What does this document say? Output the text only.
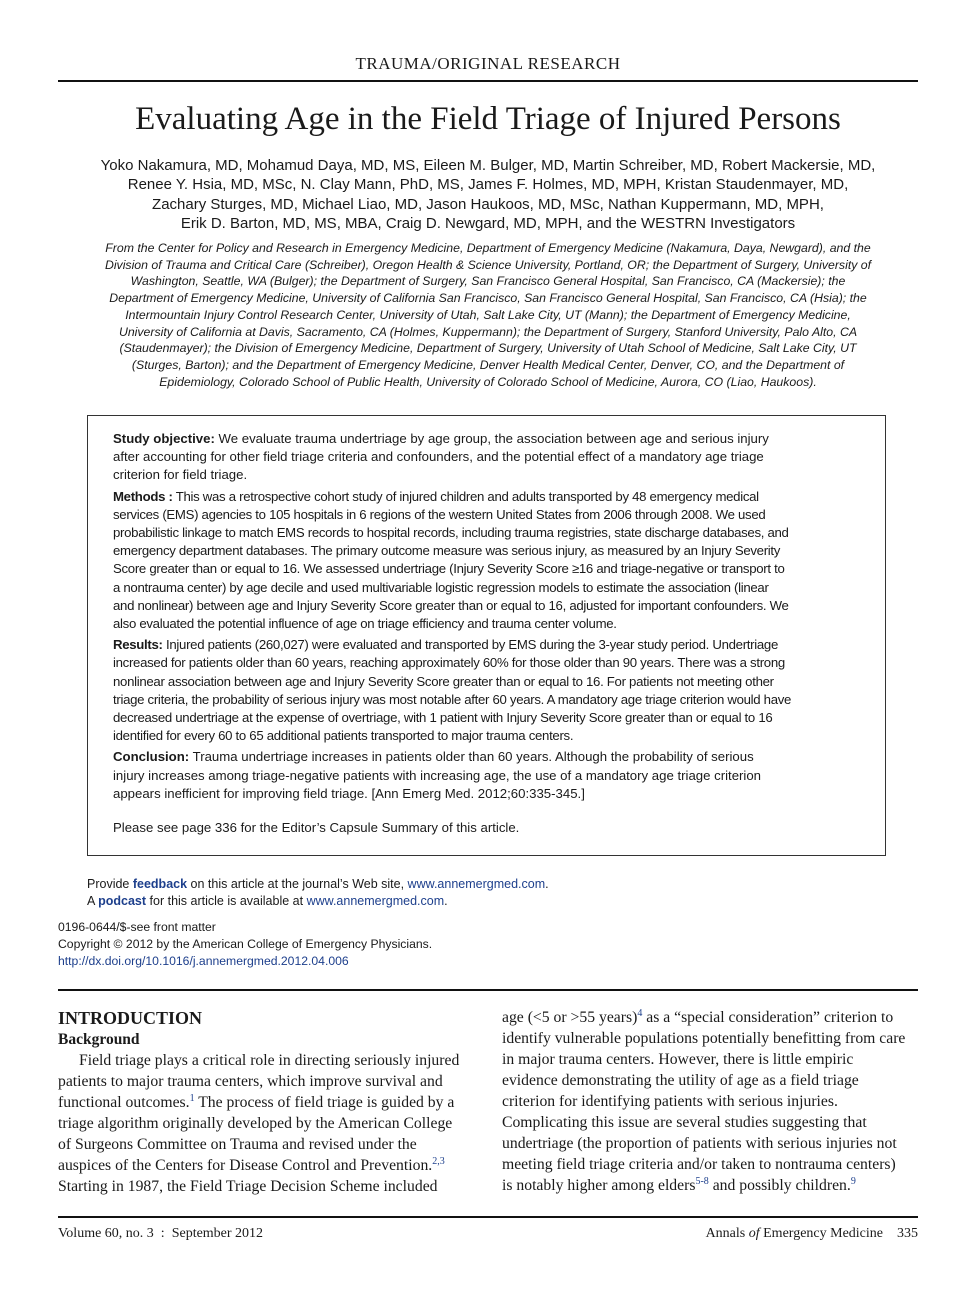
TRAUMA/ORIGINAL RESEARCH
Evaluating Age in the Field Triage of Injured Persons
Yoko Nakamura, MD, Mohamud Daya, MD, MS, Eileen M. Bulger, MD, Martin Schreiber, MD, Robert Mackersie, MD,
Renee Y. Hsia, MD, MSc, N. Clay Mann, PhD, MS, James F. Holmes, MD, MPH, Kristan Staudenmayer, MD,
Zachary Sturges, MD, Michael Liao, MD, Jason Haukoos, MD, MSc, Nathan Kuppermann, MD, MPH,
Erik D. Barton, MD, MS, MBA, Craig D. Newgard, MD, MPH, and the WESTRN Investigators
From the Center for Policy and Research in Emergency Medicine, Department of Emergency Medicine (Nakamura, Daya, Newgard), and the
Division of Trauma and Critical Care (Schreiber), Oregon Health & Science University, Portland, OR; the Department of Surgery, University of
Washington, Seattle, WA (Bulger); the Department of Surgery, San Francisco General Hospital, San Francisco, CA (Mackersie); the
Department of Emergency Medicine, University of California San Francisco, San Francisco General Hospital, San Francisco, CA (Hsia); the
Intermountain Injury Control Research Center, University of Utah, Salt Lake City, UT (Mann); the Department of Emergency Medicine,
University of California at Davis, Sacramento, CA (Holmes, Kuppermann); the Department of Surgery, Stanford University, Palo Alto, CA
(Staudenmayer); the Division of Emergency Medicine, Department of Surgery, University of Utah School of Medicine, Salt Lake City, UT
(Sturges, Barton); and the Department of Emergency Medicine, Denver Health Medical Center, Denver, CO, and the Department of
Epidemiology, Colorado School of Public Health, University of Colorado School of Medicine, Aurora, CO (Liao, Haukoos).

Study objective: We evaluate trauma undertriage by age group, the association between age and serious injury
after accounting for other field triage criteria and confounders, and the potential effect of a mandatory age triage
criterion for field triage.

Methods : This was a retrospective cohort study of injured children and adults transported by 48 emergency medical
services (EMS) agencies to 105 hospitals in 6 regions of the western United States from 2006 through 2008. We used
probabilistic linkage to match EMS records to hospital records, including trauma registries, state discharge databases, and
emergency department databases. The primary outcome measure was serious injury, as measured by an Injury Severity
Score greater than or equal to 16. We assessed undertriage (Injury Severity Score ≥16 and triage-negative or transport to
a nontrauma center) by age decile and used multivariable logistic regression models to estimate the association (linear
and nonlinear) between age and Injury Severity Score greater than or equal to 16, adjusted for important confounders. We
also evaluated the potential influence of age on triage efficiency and trauma center volume.

Results: Injured patients (260,027) were evaluated and transported by EMS during the 3-year study period. Undertriage
increased for patients older than 60 years, reaching approximately 60% for those older than 90 years. There was a strong
nonlinear association between age and Injury Severity Score greater than or equal to 16. For patients not meeting other
triage criteria, the probability of serious injury was most notable after 60 years. A mandatory age triage criterion would have
decreased undertriage at the expense of overtriage, with 1 patient with Injury Severity Score greater than or equal to 16
identified for every 60 to 65 additional patients transported to major trauma centers.

Conclusion: Trauma undertriage increases in patients older than 60 years. Although the probability of serious
injury increases among triage-negative patients with increasing age, the use of a mandatory age triage criterion
appears inefficient for improving field triage. [Ann Emerg Med. 2012;60:335-345.]

Please see page 336 for the Editor’s Capsule Summary of this article.

Provide feedback on this article at the journal’s Web site, www.annemergmed.com.
A podcast for this article is available at www.annemergmed.com.
0196-0644/$-see front matter
Copyright © 2012 by the American College of Emergency Physicians.
http://dx.doi.org/10.1016/j.annemergmed.2012.04.006
INTRODUCTION
Background
Field triage plays a critical role in directing seriously injured
patients to major trauma centers, which improve survival and
functional outcomes.$^1$ The process of field triage is guided by a
triage algorithm originally developed by the American College
of Surgeons Committee on Trauma and revised under the
auspices of the Centers for Disease Control and Prevention.$^{2,3}$
Starting in 1987, the Field Triage Decision Scheme included
age (<5 or >55 years)$^4$ as a “special consideration” criterion to
identify vulnerable populations potentially benefitting from care
in major trauma centers. However, there is little empiric
evidence demonstrating the utility of age as a field triage
criterion for identifying patients with serious injuries.
Complicating this issue are several studies suggesting that
undertriage (the proportion of patients with serious injuries not
meeting field triage criteria and/or taken to nontrauma centers)
is notably higher among elders$^{5-8}$ and possibly children.$^9$
Volume 60, no. 3  :  September 2012	Annals of Emergency Medicine 335
